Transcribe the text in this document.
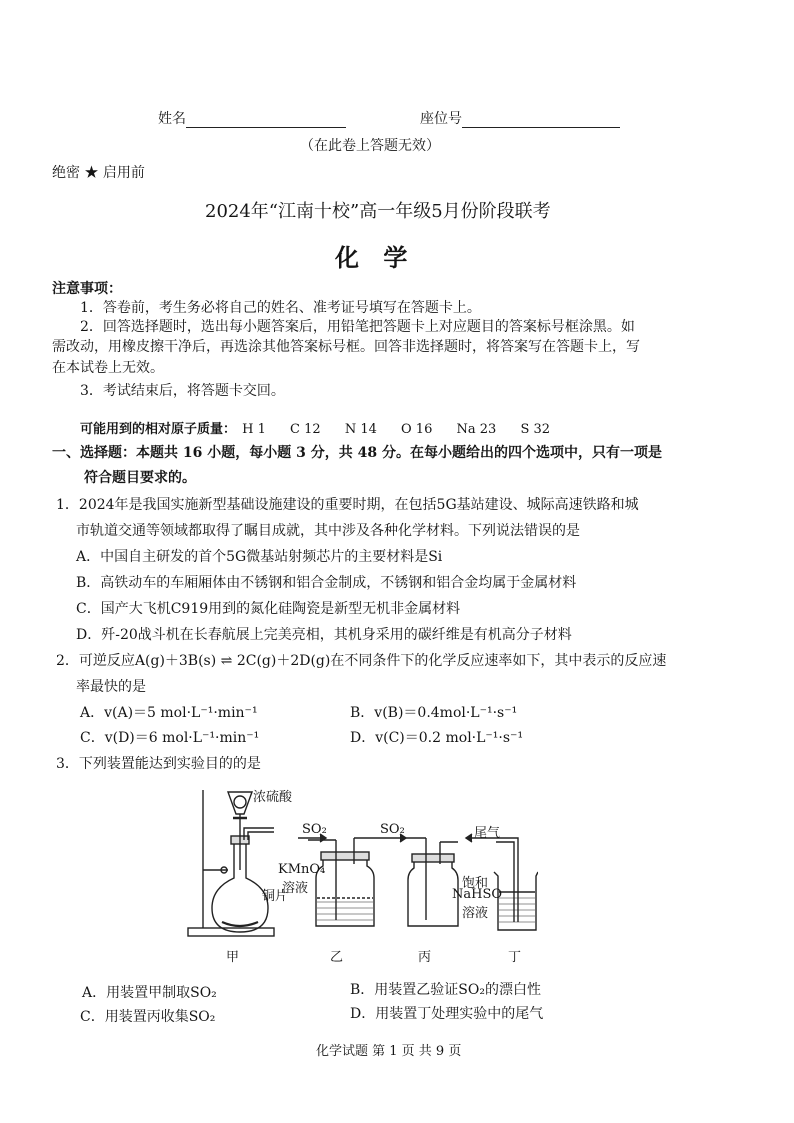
姓名	座位号
（在此卷上答题无效）
绝密 ★ 启用前
2024年“江南十校”高一年级5月份阶段联考
化 学
注意事项：
1．答卷前，考生务必将自己的姓名、准考证号填写在答题卡上。
2．回答选择题时，选出每小题答案后，用铅笔把答题卡上对应题目的答案标号框涂黑。如
需改动，用橡皮擦干净后，再选涂其他答案标号框。回答非选择题时，将答案写在答题卡上，写
在本试卷上无效。
3．考试结束后，将答题卡交回。
可能用到的相对原子质量： H 1 C 12 N 14 O 16 Na 23 S 32
一、选择题：本题共 16 小题，每小题 3 分，共 48 分。在每小题给出的四个选项中，只有一项是
符合题目要求的。
1．2024年是我国实施新型基础设施建设的重要时期，在包括5G基站建设、城际高速铁路和城
市轨道交通等领域都取得了瞩目成就，其中涉及各种化学材料。下列说法错误的是
A．中国自主研发的首个5G微基站射频芯片的主要材料是Si
B．高铁动车的车厢厢体由不锈钢和铝合金制成，不锈钢和铝合金均属于金属材料
C．国产大飞机C919用到的氮化硅陶瓷是新型无机非金属材料
D．歼-20战斗机在长春航展上完美亮相，其机身采用的碳纤维是有机高分子材料
2．可逆反应A(g)＋3B(s) ⇌ 2C(g)＋2D(g)在不同条件下的化学反应速率如下，其中表示的反应速
率最快的是
A．v(A)＝5 mol·L⁻¹·min⁻¹	B．v(B)＝0.4mol·L⁻¹·s⁻¹
C．v(D)＝6 mol·L⁻¹·min⁻¹	D．v(C)＝0.2 mol·L⁻¹·s⁻¹
3．下列装置能达到实验目的的是
浓硫酸
铜片
SO₂	SO₂	尾气
KMnO₄
溶液	饱和
NaHSO
溶液
甲	乙	丙	丁
A．用装置甲制取SO₂	B．用装置乙验证SO₂的漂白性
C．用装置丙收集SO₂	D．用装置丁处理实验中的尾气
化学试题 第 1 页 共 9 页
